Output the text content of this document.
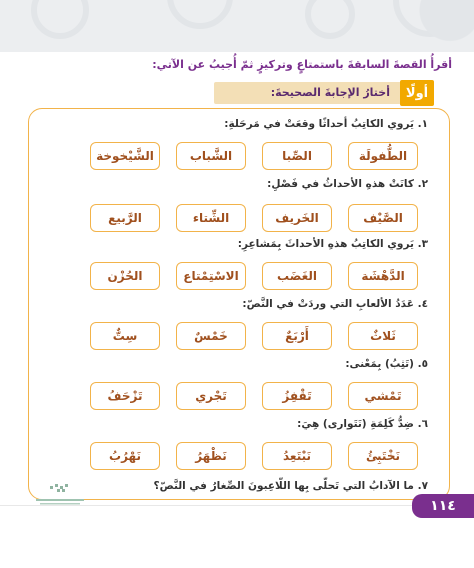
أقرأُ القصةَ السابقةَ باستمتاعٍ وتركيزٍ ثمّ أُجيبُ عن الآتي:
أولًا
أختارُ الإجابةَ الصحيحةَ:
١. يَروي الكاتِبُ أحداثًا وقعَتْ في مَرحَلةِ:
الطُّفولَة
الصِّبا
الشَّباب
الشَّيْخوخة
٢. كانَتْ هذهِ الأحداثُ في فَصْلِ:
الصَّيْف
الخَريف
الشِّتاء
الرَّبيع
٣. يَروي الكاتِبُ هذهِ الأحداثَ بِمَشاعِرِ:
الدَّهْشَة
الغَضَب
الاسْتِمْتاع
الحُزْن
٤. عَدَدُ الألعابِ التي وردَتْ في النَّصّ:
ثَلاثٌ
أَرْبَعٌ
خَمْسٌ
سِتٌّ
٥. (تَثِبُ) بِمَعْنى:
تَمْشي
تَقْفِزُ
تَجْري
تَزْحَفُ
٦. ضِدُّ كَلِمَةِ (نَتَوارى) هِيَ:
نَخْتَبِئُ
نَبْتَعِدُ
نَظْهَرُ
نَهْرُبُ
٧. ما الآدابُ التي تَحلّى بِها اللّاعِبونَ الصِّغارُ في النَّصّ؟
١١٤
